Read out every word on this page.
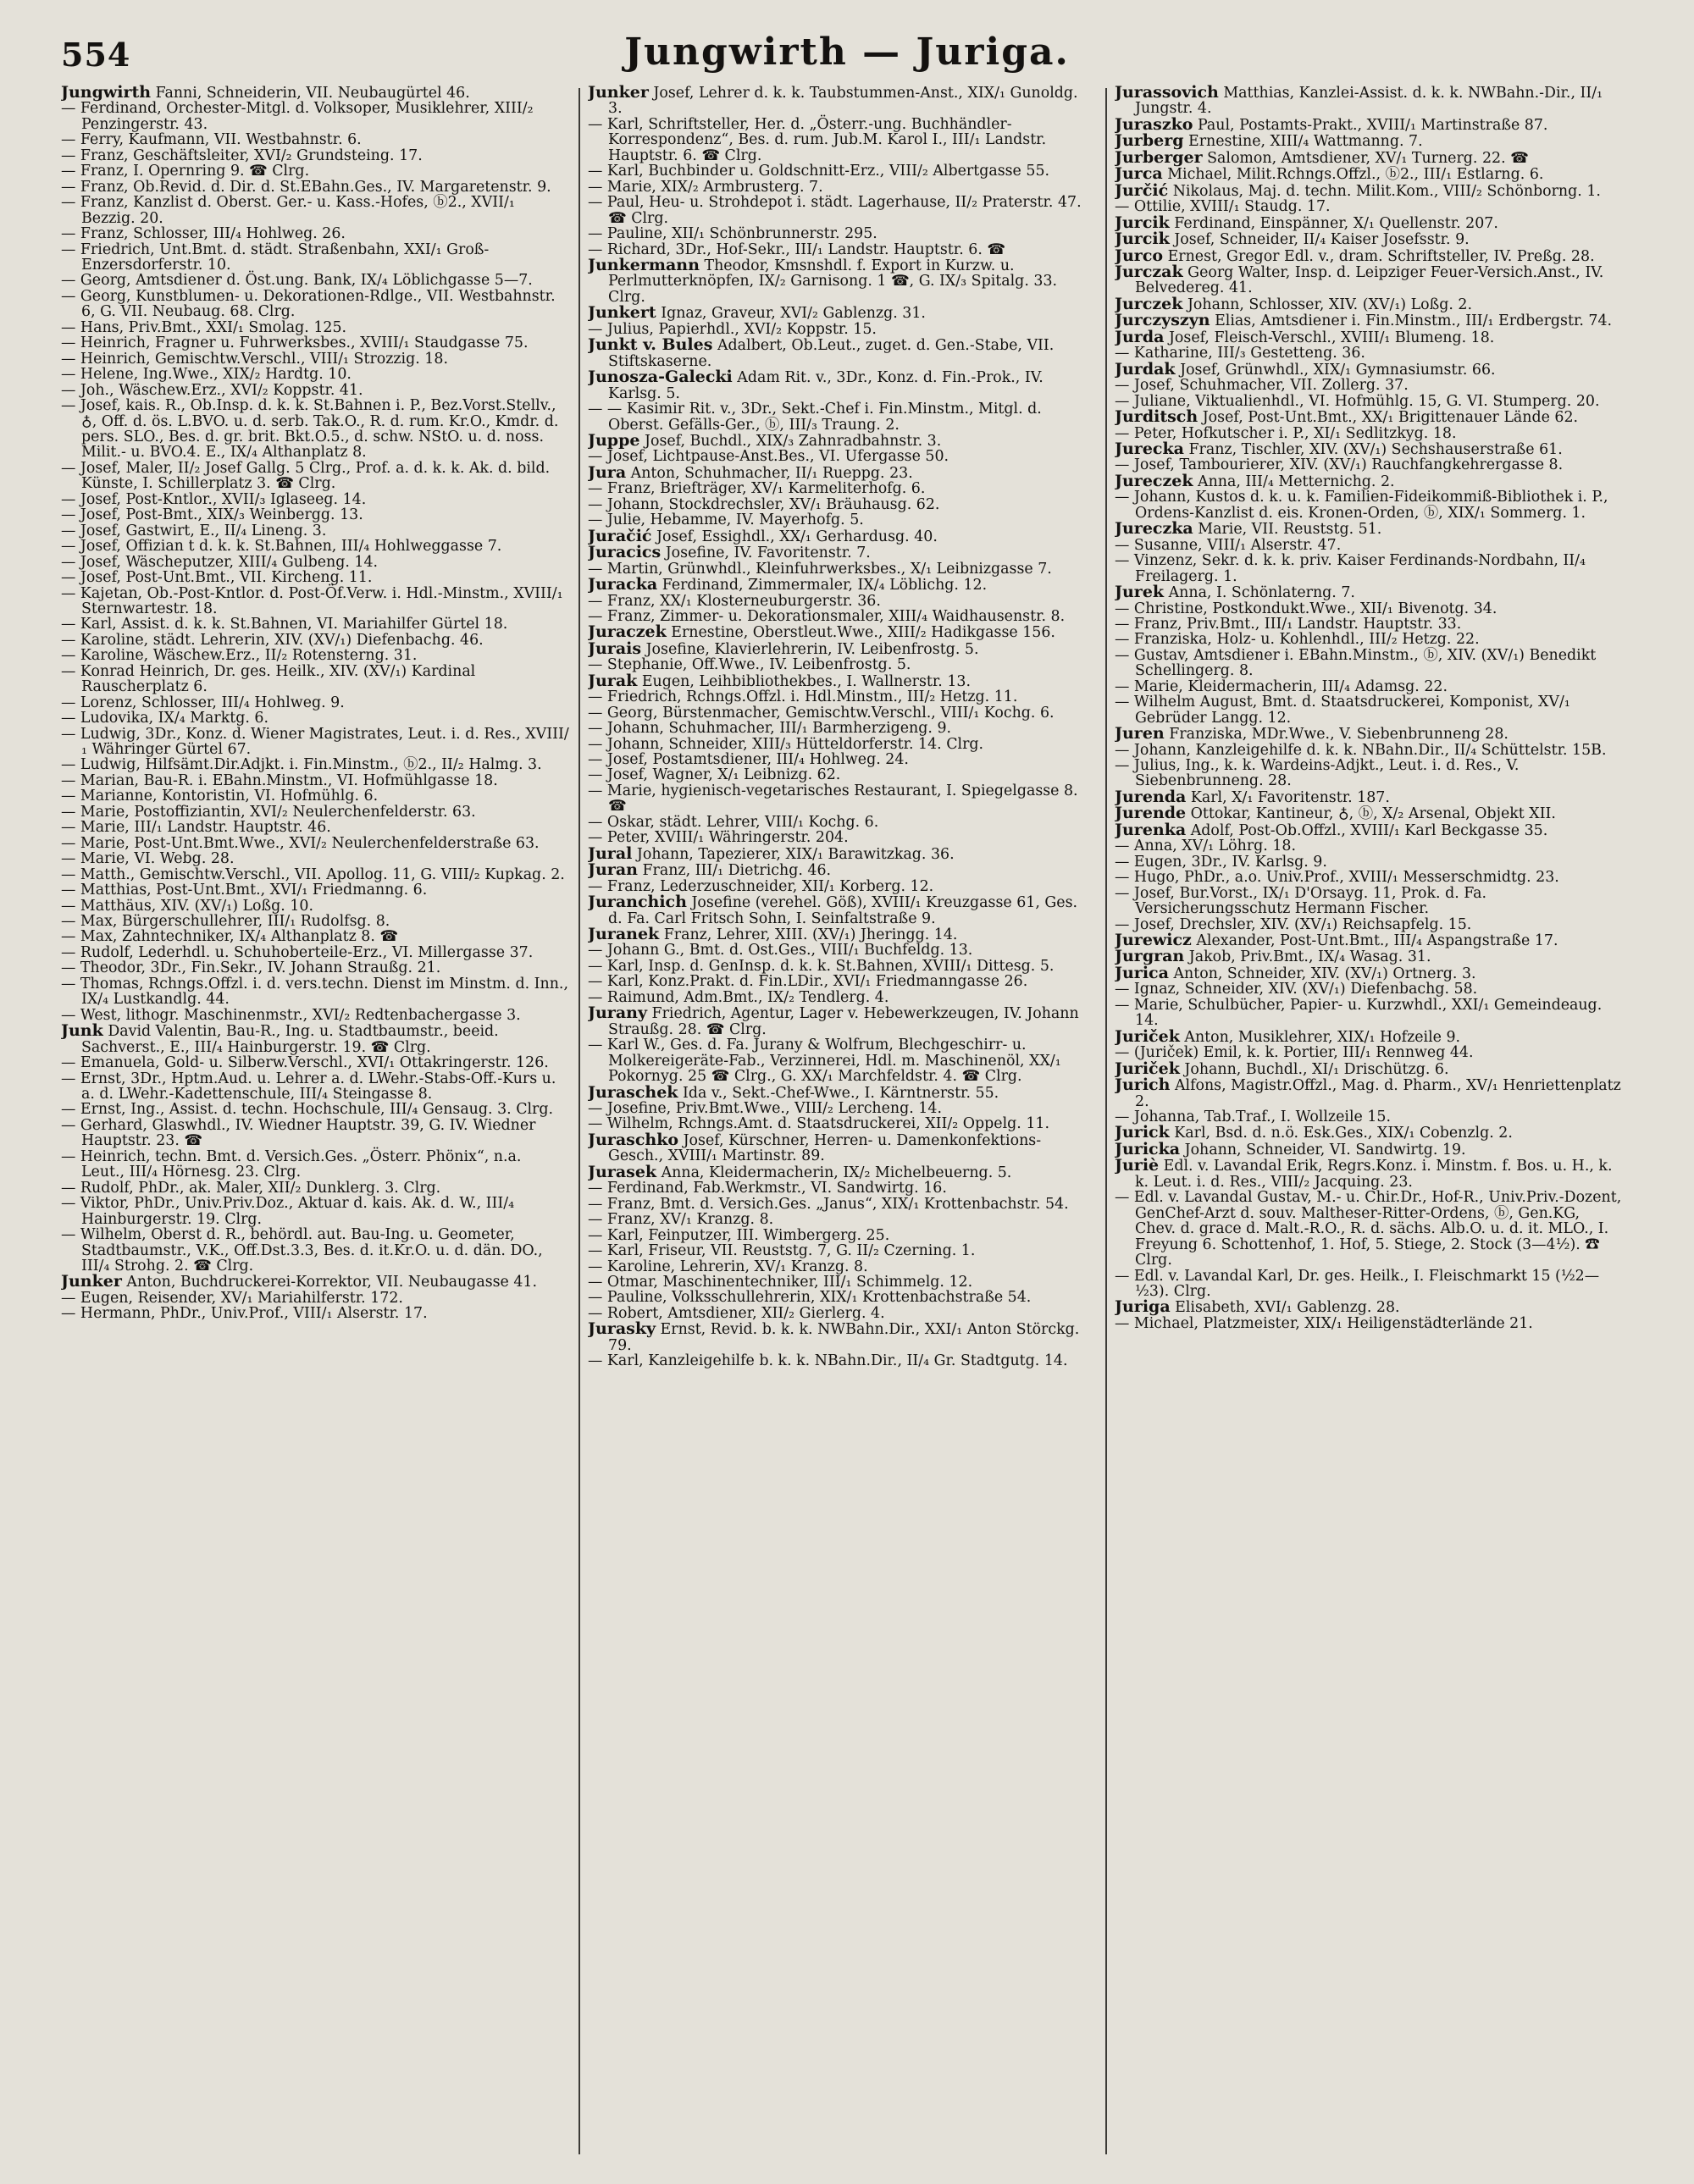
554	Jungwirth — Juriga.

Jungwirth Fanni, Schneiderin, VII. Neubaugürtel 46.

— Ferdinand, Orchester-Mitgl. d. Volksoper, Musiklehrer, XIII/₂ Penzingerstr. 43.

— Ferry, Kaufmann, VII. Westbahnstr. 6.

— Franz, Geschäftsleiter, XVI/₂ Grundsteing. 17.

— Franz, I. Opernring 9. ☎ Clrg.

— Franz, Ob.Revid. d. Dir. d. St.EBahn.Ges., IV. Margaretenstr. 9.

— Franz, Kanzlist d. Oberst. Ger.- u. Kass.-Hofes, ⓑ2., XVII/₁ Bezzig. 20.

— Franz, Schlosser, III/₄ Hohlweg. 26.

— Friedrich, Unt.Bmt. d. städt. Straßenbahn, XXI/₁ Groß-Enzersdorferstr. 10.

— Georg, Amtsdiener d. Öst.ung. Bank, IX/₄ Löblichgasse 5—7.

— Georg, Kunstblumen- u. Dekorationen-Rdlge., VII. Westbahnstr. 6, G. VII. Neubaug. 68. Clrg.

— Hans, Priv.Bmt., XXI/₁ Smolag. 125.

— Heinrich, Fragner u. Fuhrwerksbes., XVIII/₁ Staudgasse 75.

— Heinrich, Gemischtw.Verschl., VIII/₁ Strozzig. 18.

— Helene, Ing.Wwe., XIX/₂ Hardtg. 10.

— Joh., Wäschew.Erz., XVI/₂ Koppstr. 41.

— Josef, kais. R., Ob.Insp. d. k. k. St.Bahnen i. P., Bez.Vorst.Stellv., ♁, Off. d. ös. L.BVO. u. d. serb. Tak.O., R. d. rum. Kr.O., Kmdr. d. pers. SLO., Bes. d. gr. brit. Bkt.O.5., d. schw. NStO. u. d. noss. Milit.- u. BVO.4. E., IX/₄ Althanplatz 8.

— Josef, Maler, II/₂ Josef Gallg. 5 Clrg., Prof. a. d. k. k. Ak. d. bild. Künste, I. Schillerplatz 3. ☎ Clrg.

— Josef, Post-Kntlor., XVII/₃ Iglaseeg. 14.

— Josef, Post-Bmt., XIX/₃ Weinbergg. 13.

— Josef, Gastwirt, E., II/₄ Lineng. 3.

— Josef, Offizian t d. k. k. St.Bahnen, III/₄ Hohlweggasse 7.

— Josef, Wäscheputzer, XIII/₄ Gulbeng. 14.

— Josef, Post-Unt.Bmt., VII. Kircheng. 11.

— Kajetan, Ob.-Post-Kntlor. d. Post-Öf.Verw. i. Hdl.-Minstm., XVIII/₁ Sternwartestr. 18.

— Karl, Assist. d. k. k. St.Bahnen, VI. Mariahilfer Gürtel 18.

— Karoline, städt. Lehrerin, XIV. (XV/₁) Diefenbachg. 46.

— Karoline, Wäschew.Erz., II/₂ Rotensterng. 31.

— Konrad Heinrich, Dr. ges. Heilk., XIV. (XV/₁) Kardinal Rauscherplatz 6.

— Lorenz, Schlosser, III/₄ Hohlweg. 9.

— Ludovika, IX/₄ Marktg. 6.

— Ludwig, 3Dr., Konz. d. Wiener Magistrates, Leut. i. d. Res., XVIII/₁ Währinger Gürtel 67.

— Ludwig, Hilfsämt.Dir.Adjkt. i. Fin.Minstm., ⓑ2., II/₂ Halmg. 3.

— Marian, Bau-R. i. EBahn.Minstm., VI. Hofmühlgasse 18.

— Marianne, Kontoristin, VI. Hofmühlg. 6.

— Marie, Postoffiziantin, XVI/₂ Neulerchenfelderstr. 63.

— Marie, III/₁ Landstr. Hauptstr. 46.

— Marie, Post-Unt.Bmt.Wwe., XVI/₂ Neulerchenfelderstraße 63.

— Marie, VI. Webg. 28.

— Matth., Gemischtw.Verschl., VII. Apollog. 11, G. VIII/₂ Kupkag. 2.

— Matthias, Post-Unt.Bmt., XVI/₁ Friedmanng. 6.

— Matthäus, XIV. (XV/₁) Loßg. 10.

— Max, Bürgerschullehrer, III/₁ Rudolfsg. 8.

— Max, Zahntechniker, IX/₄ Althanplatz 8. ☎

— Rudolf, Lederhdl. u. Schuhoberteile-Erz., VI. Millergasse 37.

— Theodor, 3Dr., Fin.Sekr., IV. Johann Straußg. 21.

— Thomas, Rchngs.Offzl. i. d. vers.techn. Dienst im Minstm. d. Inn., IX/₄ Lustkandlg. 44.

— West, lithogr. Maschinenmstr., XVI/₂ Redtenbachergasse 3.

Junk David Valentin, Bau-R., Ing. u. Stadtbaumstr., beeid. Sachverst., E., III/₄ Hainburgerstr. 19. ☎ Clrg.

— Emanuela, Gold- u. Silberw.Verschl., XVI/₁ Ottakringerstr. 126.

— Ernst, 3Dr., Hptm.Aud. u. Lehrer a. d. LWehr.-Stabs-Off.-Kurs u. a. d. LWehr.-Kadettenschule, III/₄ Steingasse 8.

— Ernst, Ing., Assist. d. techn. Hochschule, III/₄ Gensaug. 3. Clrg.

— Gerhard, Glaswhdl., IV. Wiedner Hauptstr. 39, G. IV. Wiedner Hauptstr. 23. ☎

— Heinrich, techn. Bmt. d. Versich.Ges. „Österr. Phönix“, n.a. Leut., III/₄ Hörnesg. 23. Clrg.

— Rudolf, PhDr., ak. Maler, XII/₂ Dunklerg. 3. Clrg.

— Viktor, PhDr., Univ.Priv.Doz., Aktuar d. kais. Ak. d. W., III/₄ Hainburgerstr. 19. Clrg.

— Wilhelm, Oberst d. R., behördl. aut. Bau-Ing. u. Geometer, Stadtbaumstr., V.K., Off.Dst.3.3, Bes. d. it.Kr.O. u. d. dän. DO., III/₄ Strohg. 2. ☎ Clrg.

Junker Anton, Buchdruckerei-Korrektor, VII. Neubaugasse 41.

— Eugen, Reisender, XV/₁ Mariahilferstr. 172.

— Hermann, PhDr., Univ.Prof., VIII/₁ Alserstr. 17.

Junker Josef, Lehrer d. k. k. Taubstummen-Anst., XIX/₁ Gunoldg. 3.

— Karl, Schriftsteller, Her. d. „Österr.-ung. Buchhändler-Korrespondenz“, Bes. d. rum. Jub.M. Karol I., III/₁ Landstr. Hauptstr. 6. ☎ Clrg.

— Karl, Buchbinder u. Goldschnitt-Erz., VIII/₂ Albertgasse 55.

— Marie, XIX/₂ Armbrusterg. 7.

— Paul, Heu- u. Strohdepot i. städt. Lagerhause, II/₂ Praterstr. 47. ☎ Clrg.

— Pauline, XII/₁ Schönbrunnerstr. 295.

— Richard, 3Dr., Hof-Sekr., III/₁ Landstr. Hauptstr. 6. ☎

Junkermann Theodor, Kmsnshdl. f. Export in Kurzw. u. Perlmutterknöpfen, IX/₂ Garnisong. 1 ☎, G. IX/₃ Spitalg. 33. Clrg.

Junkert Ignaz, Graveur, XVI/₂ Gablenzg. 31.

— Julius, Papierhdl., XVI/₂ Koppstr. 15.

Junkt v. Bules Adalbert, Ob.Leut., zuget. d. Gen.-Stabe, VII. Stiftskaserne.

Junosza-Galecki Adam Rit. v., 3Dr., Konz. d. Fin.-Prok., IV. Karlsg. 5.

— — Kasimir Rit. v., 3Dr., Sekt.-Chef i. Fin.Minstm., Mitgl. d. Oberst. Gefälls-Ger., ⓑ, III/₃ Traung. 2.

Juppe Josef, Buchdl., XIX/₃ Zahnradbahnstr. 3.

— Josef, Lichtpause-Anst.Bes., VI. Ufergasse 50.

Jura Anton, Schuhmacher, II/₁ Rueppg. 23.

— Franz, Briefträger, XV/₁ Karmeliterhofg. 6.

— Johann, Stockdrechsler, XV/₁ Bräuhausg. 62.

— Julie, Hebamme, IV. Mayerhofg. 5.

Juračić Josef, Essighdl., XX/₁ Gerhardusg. 40.

Juracics Josefine, IV. Favoritenstr. 7.

— Martin, Grünwhdl., Kleinfuhrwerksbes., X/₁ Leibnizgasse 7.

Juracka Ferdinand, Zimmermaler, IX/₄ Löblichg. 12.

— Franz, XX/₁ Klosterneuburgerstr. 36.

— Franz, Zimmer- u. Dekorationsmaler, XIII/₄ Waidhausenstr. 8.

Juraczek Ernestine, Oberstleut.Wwe., XIII/₂ Hadikgasse 156.

Jurais Josefine, Klavierlehrerin, IV. Leibenfrostg. 5.

— Stephanie, Off.Wwe., IV. Leibenfrostg. 5.

Jurak Eugen, Leihbibliothekbes., I. Wallnerstr. 13.

— Friedrich, Rchngs.Offzl. i. Hdl.Minstm., III/₂ Hetzg. 11.

— Georg, Bürstenmacher, Gemischtw.Verschl., VIII/₁ Kochg. 6.

— Johann, Schuhmacher, III/₁ Barmherzigeng. 9.

— Johann, Schneider, XIII/₃ Hütteldorferstr. 14. Clrg.

— Josef, Postamtsdiener, III/₄ Hohlweg. 24.

— Josef, Wagner, X/₁ Leibnizg. 62.

— Marie, hygienisch-vegetarisches Restaurant, I. Spiegelgasse 8. ☎

— Oskar, städt. Lehrer, VIII/₁ Kochg. 6.

— Peter, XVIII/₁ Währingerstr. 204.

Jural Johann, Tapezierer, XIX/₁ Barawitzkag. 36.

Juran Franz, III/₁ Dietrichg. 46.

— Franz, Lederzuschneider, XII/₁ Korberg. 12.

Juranchich Josefine (verehel. Göß), XVIII/₁ Kreuzgasse 61, Ges. d. Fa. Carl Fritsch Sohn, I. Seinfaltstraße 9.

Juranek Franz, Lehrer, XIII. (XV/₁) Jheringg. 14.

— Johann G., Bmt. d. Ost.Ges., VIII/₁ Buchfeldg. 13.

— Karl, Insp. d. GenInsp. d. k. k. St.Bahnen, XVIII/₁ Dittesg. 5.

— Karl, Konz.Prakt. d. Fin.LDir., XVI/₁ Friedmanngasse 26.

— Raimund, Adm.Bmt., IX/₂ Tendlerg. 4.

Jurany Friedrich, Agentur, Lager v. Hebewerkzeugen, IV. Johann Straußg. 28. ☎ Clrg.

— Karl W., Ges. d. Fa. Jurany & Wolfrum, Blechgeschirr- u. Molkereigeräte-Fab., Verzinnerei, Hdl. m. Maschinenöl, XX/₁ Pokornyg. 25 ☎ Clrg., G. XX/₁ Marchfeldstr. 4. ☎ Clrg.

Juraschek Ida v., Sekt.-Chef-Wwe., I. Kärntnerstr. 55.

— Josefine, Priv.Bmt.Wwe., VIII/₂ Lercheng. 14.

— Wilhelm, Rchngs.Amt. d. Staatsdruckerei, XII/₂ Oppelg. 11.

Juraschko Josef, Kürschner, Herren- u. Damenkonfektions-Gesch., XVIII/₁ Martinstr. 89.

Jurasek Anna, Kleidermacherin, IX/₂ Michelbeuerng. 5.

— Ferdinand, Fab.Werkmstr., VI. Sandwirtg. 16.

— Franz, Bmt. d. Versich.Ges. „Janus“, XIX/₁ Krottenbachstr. 54.

— Franz, XV/₁ Kranzg. 8.

— Karl, Feinputzer, III. Wimbergerg. 25.

— Karl, Friseur, VII. Reuststg. 7, G. II/₂ Czerning. 1.

— Karoline, Lehrerin, XV/₁ Kranzg. 8.

— Otmar, Maschinentechniker, III/₁ Schimmelg. 12.

— Pauline, Volksschullehrerin, XIX/₁ Krottenbachstraße 54.

— Robert, Amtsdiener, XII/₂ Gierlerg. 4.

Jurasky Ernst, Revid. b. k. k. NWBahn.Dir., XXI/₁ Anton Störckg. 79.

— Karl, Kanzleigehilfe b. k. k. NBahn.Dir., II/₄ Gr. Stadtgutg. 14.

Jurassovich Matthias, Kanzlei-Assist. d. k. k. NWBahn.-Dir., II/₁ Jungstr. 4.

Juraszko Paul, Postamts-Prakt., XVIII/₁ Martinstraße 87.

Jurberg Ernestine, XIII/₄ Wattmanng. 7.

Jurberger Salomon, Amtsdiener, XV/₁ Turnerg. 22. ☎

Jurca Michael, Milit.Rchngs.Offzl., ⓑ2., III/₁ Estlarng. 6.

Jurčić Nikolaus, Maj. d. techn. Milit.Kom., VIII/₂ Schönborng. 1.

— Ottilie, XVIII/₁ Staudg. 17.

Jurcik Ferdinand, Einspänner, X/₁ Quellenstr. 207.

Jurcik Josef, Schneider, II/₄ Kaiser Josefsstr. 9.

Jurco Ernest, Gregor Edl. v., dram. Schriftsteller, IV. Preßg. 28.

Jurczak Georg Walter, Insp. d. Leipziger Feuer-Versich.Anst., IV. Belvedereg. 41.

Jurczek Johann, Schlosser, XIV. (XV/₁) Loßg. 2.

Jurczyszyn Elias, Amtsdiener i. Fin.Minstm., III/₁ Erdbergstr. 74.

Jurda Josef, Fleisch-Verschl., XVIII/₁ Blumeng. 18.

— Katharine, III/₃ Gestetteng. 36.

Jurdak Josef, Grünwhdl., XIX/₁ Gymnasiumstr. 66.

— Josef, Schuhmacher, VII. Zollerg. 37.

— Juliane, Viktualienhdl., VI. Hofmühlg. 15, G. VI. Stumperg. 20.

Jurditsch Josef, Post-Unt.Bmt., XX/₁ Brigittenauer Lände 62.

— Peter, Hofkutscher i. P., XI/₁ Sedlitzkyg. 18.

Jurecka Franz, Tischler, XIV. (XV/₁) Sechshauserstraße 61.

— Josef, Tambourierer, XIV. (XV/₁) Rauchfangkehrergasse 8.

Jureczek Anna, III/₄ Metternichg. 2.

— Johann, Kustos d. k. u. k. Familien-Fideikommiß-Bibliothek i. P., Ordens-Kanzlist d. eis. Kronen-Orden, ⓑ, XIX/₁ Sommerg. 1.

Jureczka Marie, VII. Reuststg. 51.

— Susanne, VIII/₁ Alserstr. 47.

— Vinzenz, Sekr. d. k. k. priv. Kaiser Ferdinands-Nordbahn, II/₄ Freilagerg. 1.

Jurek Anna, I. Schönlaterng. 7.

— Christine, Postkondukt.Wwe., XII/₁ Bivenotg. 34.

— Franz, Priv.Bmt., III/₁ Landstr. Hauptstr. 33.

— Franziska, Holz- u. Kohlenhdl., III/₂ Hetzg. 22.

— Gustav, Amtsdiener i. EBahn.Minstm., ⓑ, XIV. (XV/₁) Benedikt Schellingerg. 8.

— Marie, Kleidermacherin, III/₄ Adamsg. 22.

— Wilhelm August, Bmt. d. Staatsdruckerei, Komponist, XV/₁ Gebrüder Langg. 12.

Juren Franziska, MDr.Wwe., V. Siebenbrunneng 28.

— Johann, Kanzleigehilfe d. k. k. NBahn.Dir., II/₄ Schüttelstr. 15B.

— Julius, Ing., k. k. Wardeins-Adjkt., Leut. i. d. Res., V. Siebenbrunneng. 28.

Jurenda Karl, X/₁ Favoritenstr. 187.

Jurende Ottokar, Kantineur, ♁, ⓑ, X/₂ Arsenal, Objekt XII.

Jurenka Adolf, Post-Ob.Offzl., XVIII/₁ Karl Beckgasse 35.

— Anna, XV/₁ Löhrg. 18.

— Eugen, 3Dr., IV. Karlsg. 9.

— Hugo, PhDr., a.o. Univ.Prof., XVIII/₁ Messerschmidtg. 23.

— Josef, Bur.Vorst., IX/₁ D'Orsayg. 11, Prok. d. Fa. Versicherungsschutz Hermann Fischer.

— Josef, Drechsler, XIV. (XV/₁) Reichsapfelg. 15.

Jurewicz Alexander, Post-Unt.Bmt., III/₄ Aspangstraße 17.

Jurgran Jakob, Priv.Bmt., IX/₄ Wasag. 31.

Jurica Anton, Schneider, XIV. (XV/₁) Ortnerg. 3.

— Ignaz, Schneider, XIV. (XV/₁) Diefenbachg. 58.

— Marie, Schulbücher, Papier- u. Kurzwhdl., XXI/₁ Gemeindeaug. 14.

Juriček Anton, Musiklehrer, XIX/₁ Hofzeile 9.

— (Juriček) Emil, k. k. Portier, III/₁ Rennweg 44.

Juriček Johann, Buchdl., XI/₁ Drischützg. 6.

Jurich Alfons, Magistr.Offzl., Mag. d. Pharm., XV/₁ Henriettenplatz 2.

— Johanna, Tab.Traf., I. Wollzeile 15.

Jurick Karl, Bsd. d. n.ö. Esk.Ges., XIX/₁ Cobenzlg. 2.

Juricka Johann, Schneider, VI. Sandwirtg. 19.

Juriè Edl. v. Lavandal Erik, Regrs.Konz. i. Minstm. f. Bos. u. H., k. k. Leut. i. d. Res., VIII/₂ Jacquing. 23.

— Edl. v. Lavandal Gustav, M.- u. Chir.Dr., Hof-R., Univ.Priv.-Dozent, GenChef-Arzt d. souv. Maltheser-Ritter-Ordens, ⓑ, Gen.KG, Chev. d. grace d. Malt.-R.O., R. d. sächs. Alb.O. u. d. it. MLO., I. Freyung 6. Schottenhof, 1. Hof, 5. Stiege, 2. Stock (3—4½). ☎ Clrg.

— Edl. v. Lavandal Karl, Dr. ges. Heilk., I. Fleischmarkt 15 (½2—½3). Clrg.

Juriga Elisabeth, XVI/₁ Gablenzg. 28.

— Michael, Platzmeister, XIX/₁ Heiligenstädterlände 21.
